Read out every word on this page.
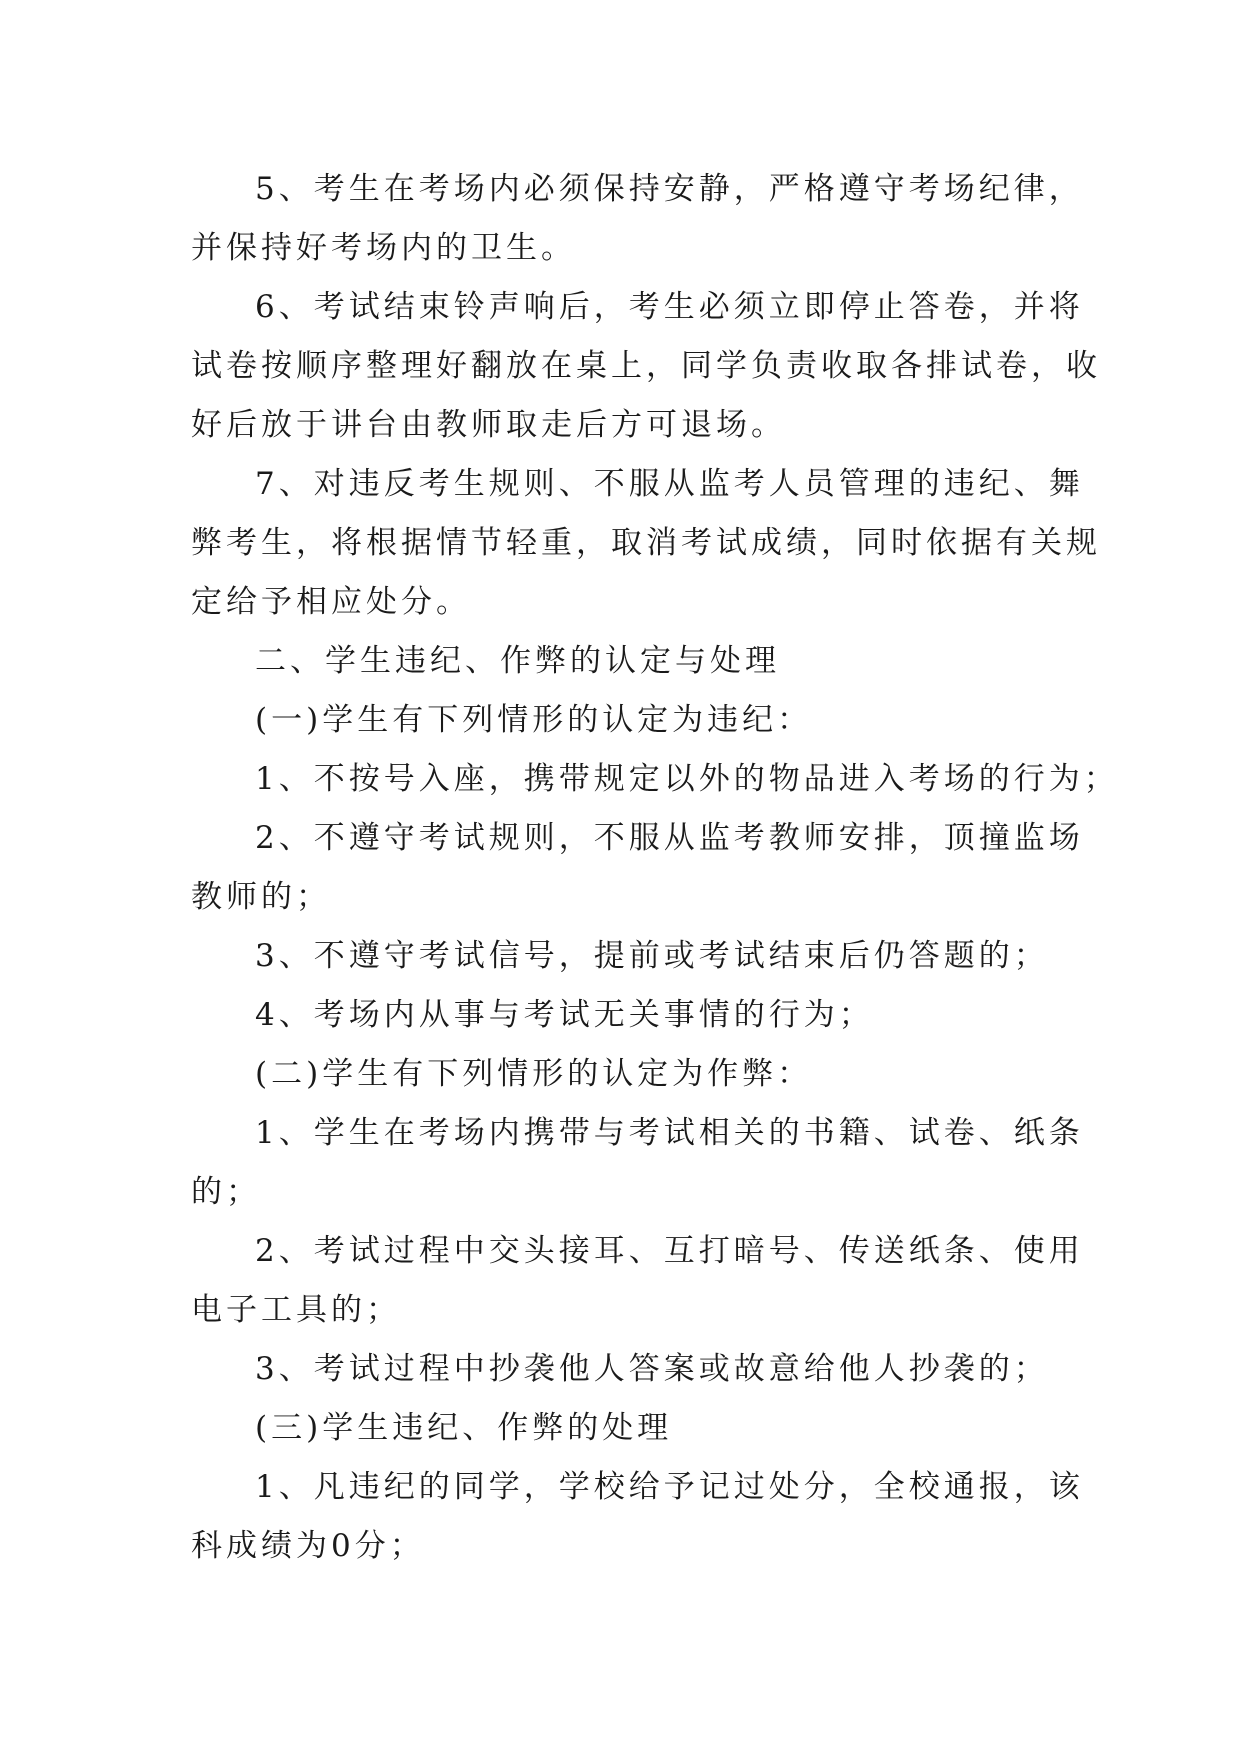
5、考生在考场内必须保持安静，严格遵守考场纪律，
并保持好考场内的卫生。
6、考试结束铃声响后，考生必须立即停止答卷，并将
试卷按顺序整理好翻放在桌上，同学负责收取各排试卷，收
好后放于讲台由教师取走后方可退场。
7、对违反考生规则、不服从监考人员管理的违纪、舞
弊考生，将根据情节轻重，取消考试成绩，同时依据有关规
定给予相应处分。
二、学生违纪、作弊的认定与处理
(一)学生有下列情形的认定为违纪：
1、不按号入座，携带规定以外的物品进入考场的行为；
2、不遵守考试规则，不服从监考教师安排，顶撞监场
教师的；
3、不遵守考试信号，提前或考试结束后仍答题的；
4、考场内从事与考试无关事情的行为；
(二)学生有下列情形的认定为作弊：
1、学生在考场内携带与考试相关的书籍、试卷、纸条
的；
2、考试过程中交头接耳、互打暗号、传送纸条、使用
电子工具的；
3、考试过程中抄袭他人答案或故意给他人抄袭的；
(三)学生违纪、作弊的处理
1、凡违纪的同学，学校给予记过处分，全校通报，该
科成绩为0分；
